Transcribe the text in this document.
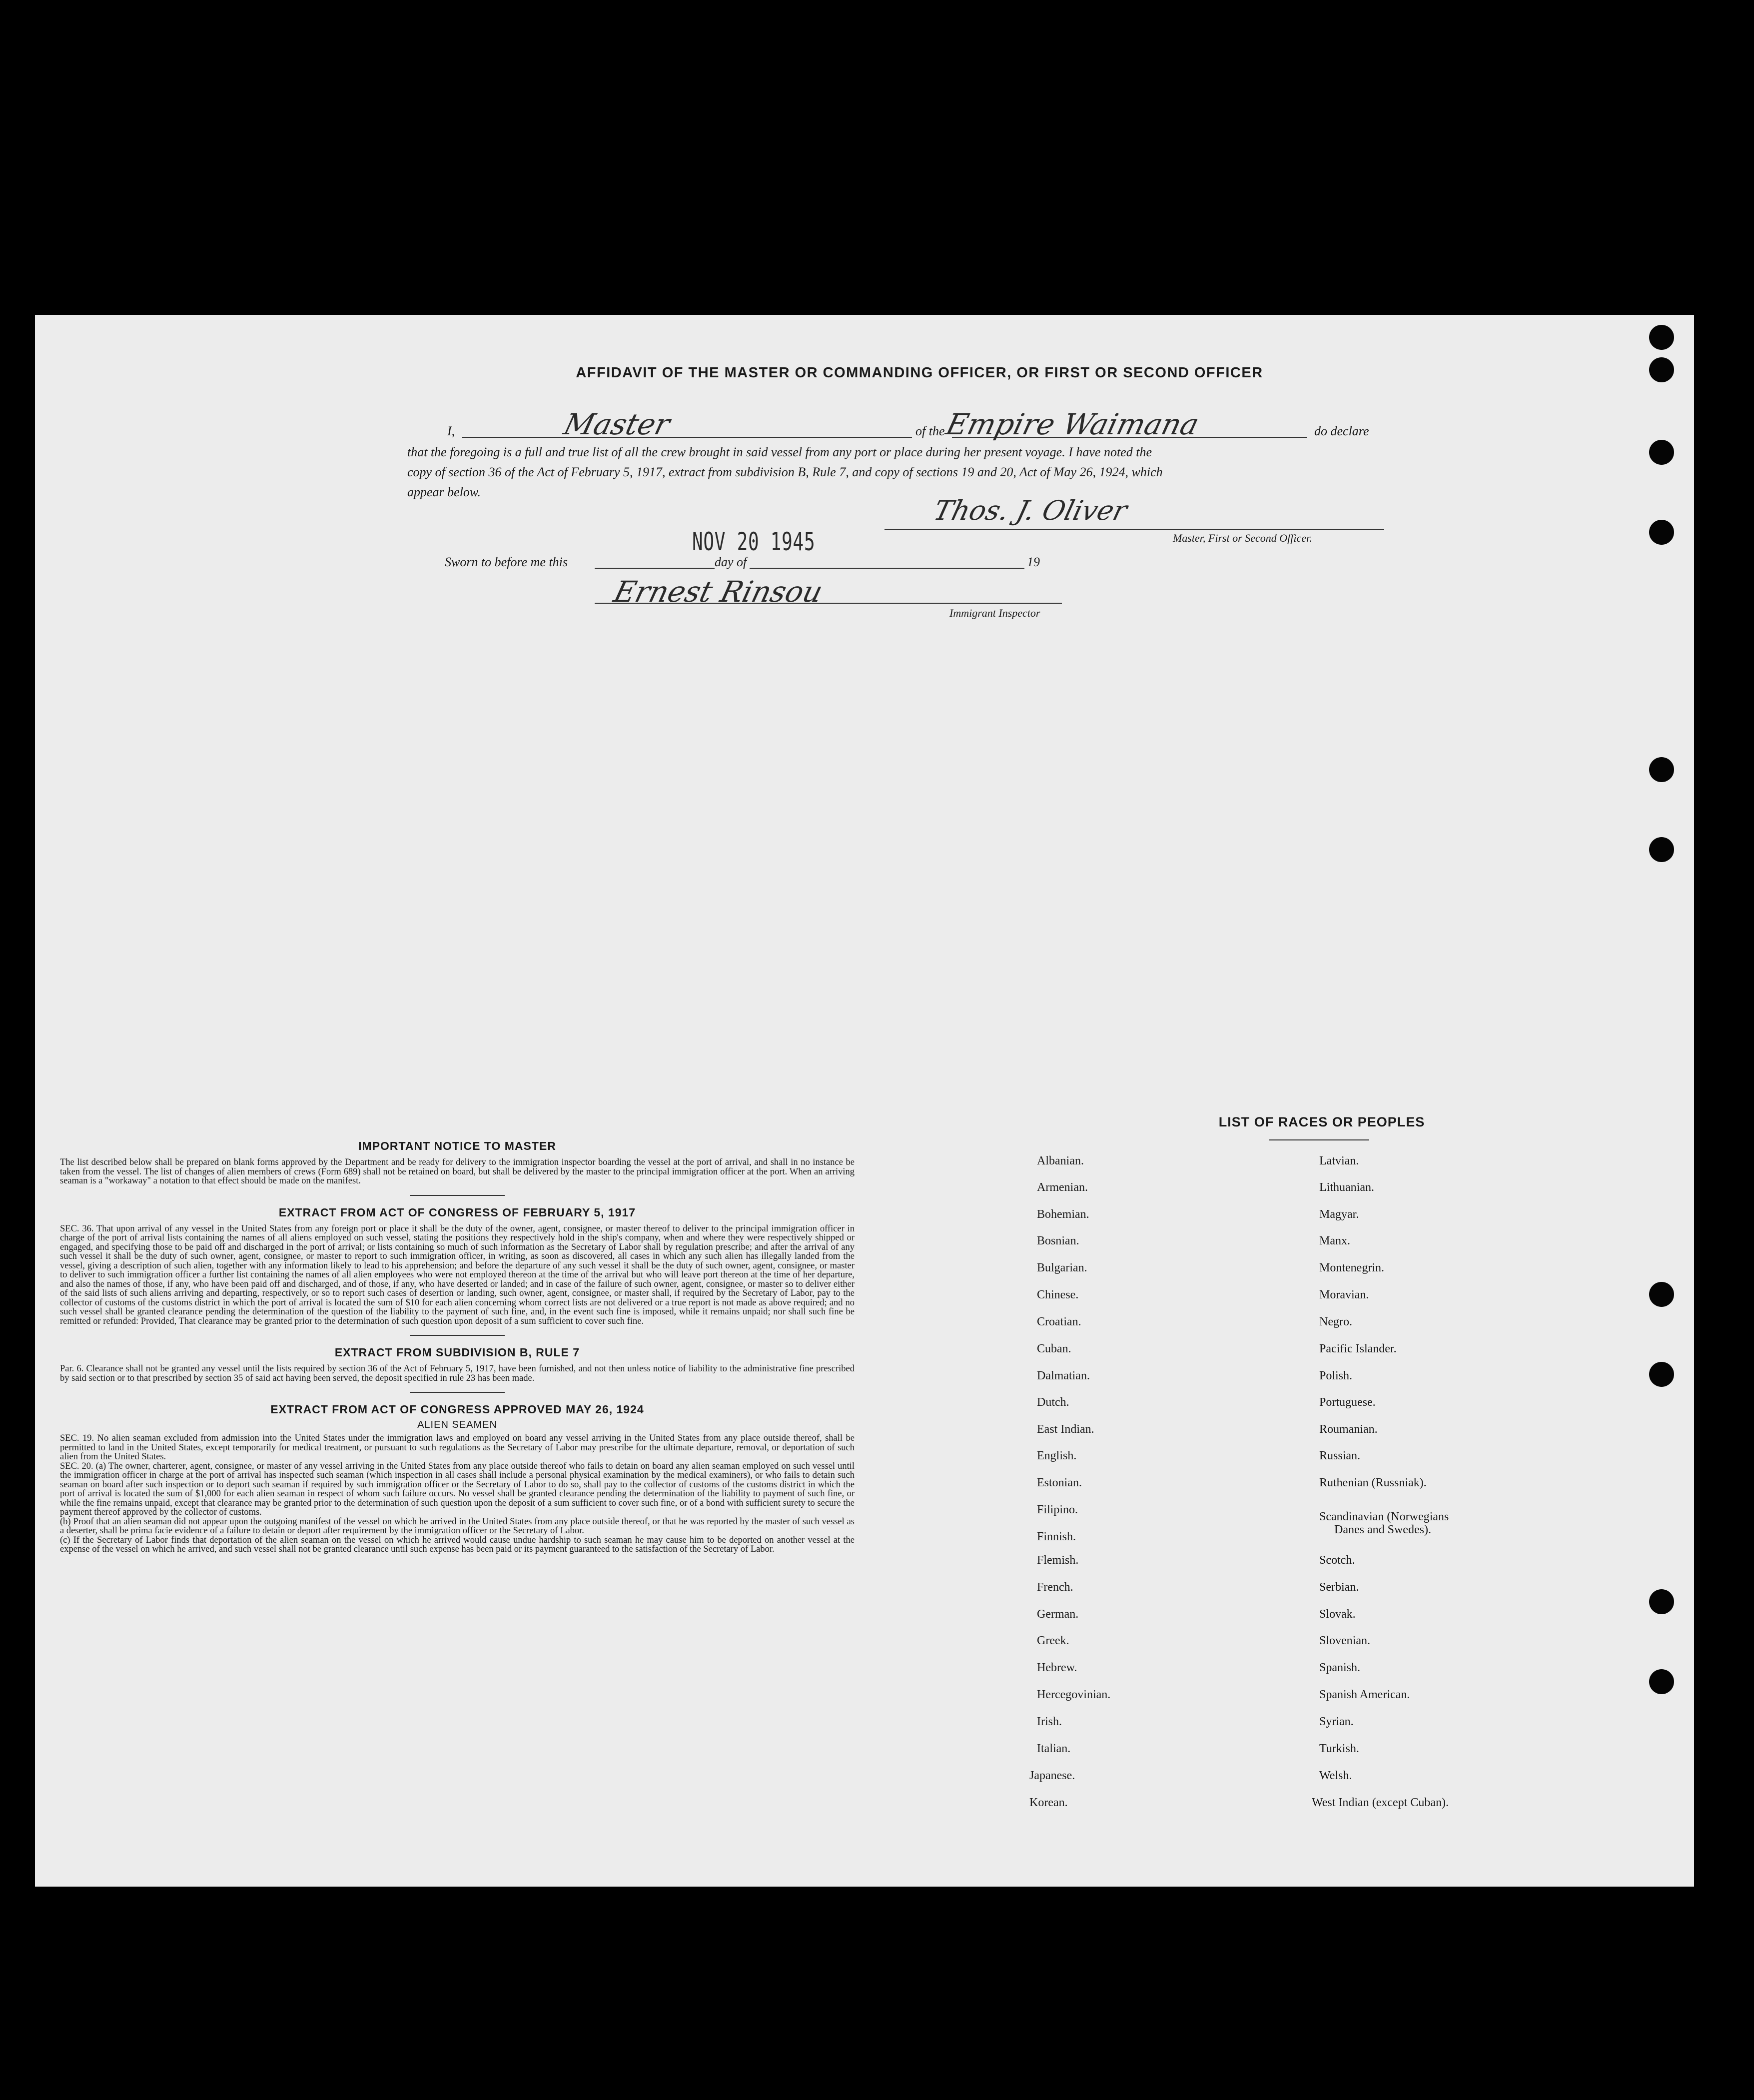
AFFIDAVIT OF THE MASTER OR COMMANDING OFFICER, OR FIRST OR SECOND OFFICER
I,	Master	of the
Empire Waimana	do declare
that the foregoing is a full and true list of all the crew brought in said vessel from any port or place during her present voyage. I have noted the
copy of section 36 of the Act of February 5, 1917, extract from subdivision B, Rule 7, and copy of sections 19 and 20, Act of May 26, 1924, which
appear below.
Thos. J. Oliver
Master, First or Second Officer.
Sworn to before me this
NOV 20 1945
day of	19
Ernest Rinsou
Immigrant Inspector
IMPORTANT NOTICE TO MASTER

The list described below shall be prepared on blank forms approved by the Department and be ready for delivery to the immigration inspector boarding the vessel at the port of arrival, and shall in no instance be taken from the vessel. The list of changes of alien members of crews (Form 689) shall not be retained on board, but shall be delivered by the master to the principal immigration officer at the port. When an arriving seaman is a "workaway" a notation to that effect should be made on the manifest.

EXTRACT FROM ACT OF CONGRESS OF FEBRUARY 5, 1917

SEC. 36. That upon arrival of any vessel in the United States from any foreign port or place it shall be the duty of the owner, agent, consignee, or master thereof to deliver to the principal immigration officer in charge of the port of arrival lists containing the names of all aliens employed on such vessel, stating the positions they respectively hold in the ship's company, when and where they were respectively shipped or engaged, and specifying those to be paid off and discharged in the port of arrival; or lists containing so much of such information as the Secretary of Labor shall by regulation prescribe; and after the arrival of any such vessel it shall be the duty of such owner, agent, consignee, or master to report to such immigration officer, in writing, as soon as discovered, all cases in which any such alien has illegally landed from the vessel, giving a description of such alien, together with any information likely to lead to his apprehension; and before the departure of any such vessel it shall be the duty of such owner, agent, consignee, or master to deliver to such immigration officer a further list containing the names of all alien employees who were not employed thereon at the time of the arrival but who will leave port thereon at the time of her departure, and also the names of those, if any, who have been paid off and discharged, and of those, if any, who have deserted or landed; and in case of the failure of such owner, agent, consignee, or master so to deliver either of the said lists of such aliens arriving and departing, respectively, or so to report such cases of desertion or landing, such owner, agent, consignee, or master shall, if required by the Secretary of Labor, pay to the collector of customs of the customs district in which the port of arrival is located the sum of $10 for each alien concerning whom correct lists are not delivered or a true report is not made as above required; and no such vessel shall be granted clearance pending the determination of the question of the liability to the payment of such fine, and, in the event such fine is imposed, while it remains unpaid; nor shall such fine be remitted or refunded: Provided, That clearance may be granted prior to the determination of such question upon deposit of a sum sufficient to cover such fine.

EXTRACT FROM SUBDIVISION B, RULE 7

Par. 6. Clearance shall not be granted any vessel until the lists required by section 36 of the Act of February 5, 1917, have been furnished, and not then unless notice of liability to the administrative fine prescribed by said section or to that prescribed by section 35 of said act having been served, the deposit specified in rule 23 has been made.

EXTRACT FROM ACT OF CONGRESS APPROVED MAY 26, 1924
ALIEN SEAMEN

SEC. 19. No alien seaman excluded from admission into the United States under the immigration laws and employed on board any vessel arriving in the United States from any place outside thereof, shall be permitted to land in the United States, except temporarily for medical treatment, or pursuant to such regulations as the Secretary of Labor may prescribe for the ultimate departure, removal, or deportation of such alien from the United States.

SEC. 20. (a) The owner, charterer, agent, consignee, or master of any vessel arriving in the United States from any place outside thereof who fails to detain on board any alien seaman employed on such vessel until the immigration officer in charge at the port of arrival has inspected such seaman (which inspection in all cases shall include a personal physical examination by the medical examiners), or who fails to detain such seaman on board after such inspection or to deport such seaman if required by such immigration officer or the Secretary of Labor to do so, shall pay to the collector of customs of the customs district in which the port of arrival is located the sum of $1,000 for each alien seaman in respect of whom such failure occurs. No vessel shall be granted clearance pending the determination of the liability to payment of such fine, or while the fine remains unpaid, except that clearance may be granted prior to the determination of such question upon the deposit of a sum sufficient to cover such fine, or of a bond with sufficient surety to secure the payment thereof approved by the collector of customs.

(b) Proof that an alien seaman did not appear upon the outgoing manifest of the vessel on which he arrived in the United States from any place outside thereof, or that he was reported by the master of such vessel as a deserter, shall be prima facie evidence of a failure to detain or deport after requirement by the immigration officer or the Secretary of Labor.

(c) If the Secretary of Labor finds that deportation of the alien seaman on the vessel on which he arrived would cause undue hardship to such seaman he may cause him to be deported on another vessel at the expense of the vessel on which he arrived, and such vessel shall not be granted clearance until such expense has been paid or its payment guaranteed to the satisfaction of the Secretary of Labor.

LIST OF RACES OR PEOPLES
Albanian.
Armenian.
Bohemian.
Bosnian.
Bulgarian.
Chinese.
Croatian.
Cuban.
Dalmatian.
Dutch.
East Indian.
English.
Estonian.
Filipino.
Finnish.
Flemish.
French.
German.
Greek.
Hebrew.
Hercegovinian.
Irish.
Italian.
Japanese.
Korean.
Latvian.
Lithuanian.
Magyar.
Manx.
Montenegrin.
Moravian.
Negro.
Pacific Islander.
Polish.
Portuguese.
Roumanian.
Russian.
Ruthenian (Russniak).
Scandinavian (Norwegians
Danes and Swedes).
Scotch.
Serbian.
Slovak.
Slovenian.
Spanish.
Spanish American.
Syrian.
Turkish.
Welsh.
West Indian (except Cuban).
